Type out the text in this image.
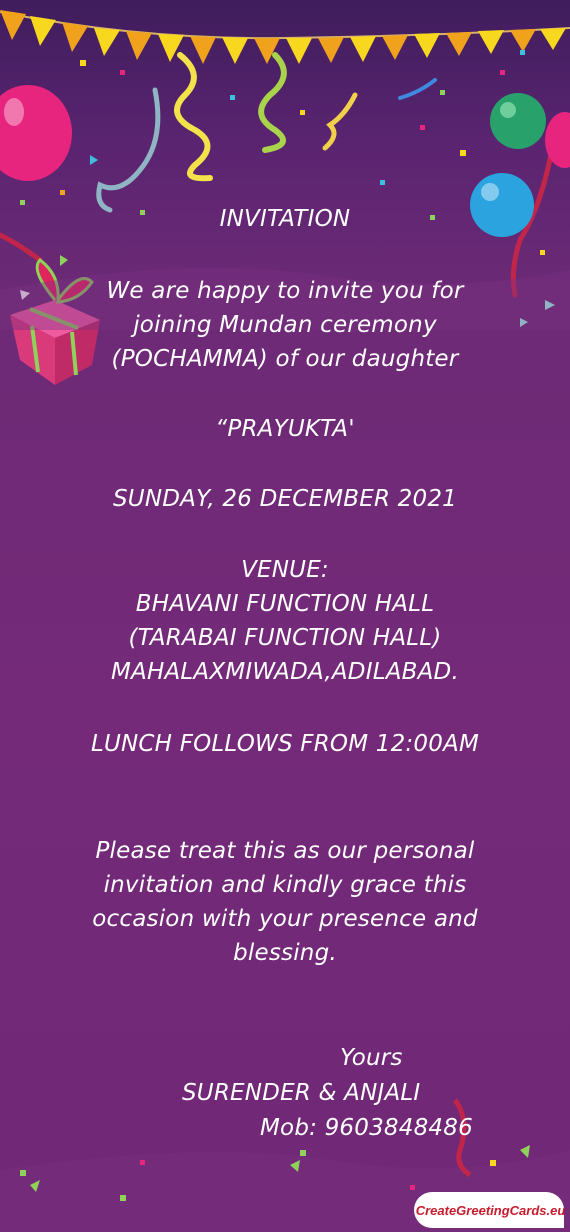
INVITATION
We are happy to invite you for
joining Mundan ceremony
(POCHAMMA) of our daughter
“PRAYUKTA'
SUNDAY, 26 DECEMBER 2021
VENUE:
BHAVANI FUNCTION HALL
(TARABAI FUNCTION HALL)
MAHALAXMIWADA,ADILABAD.
LUNCH FOLLOWS FROM 12:00AM
Please treat this as our personal
invitation and kindly grace this
occasion with your presence and
blessing.
Yours
SURENDER & ANJALI
Mob: 9603848486
CreateGreetingCards.eu
